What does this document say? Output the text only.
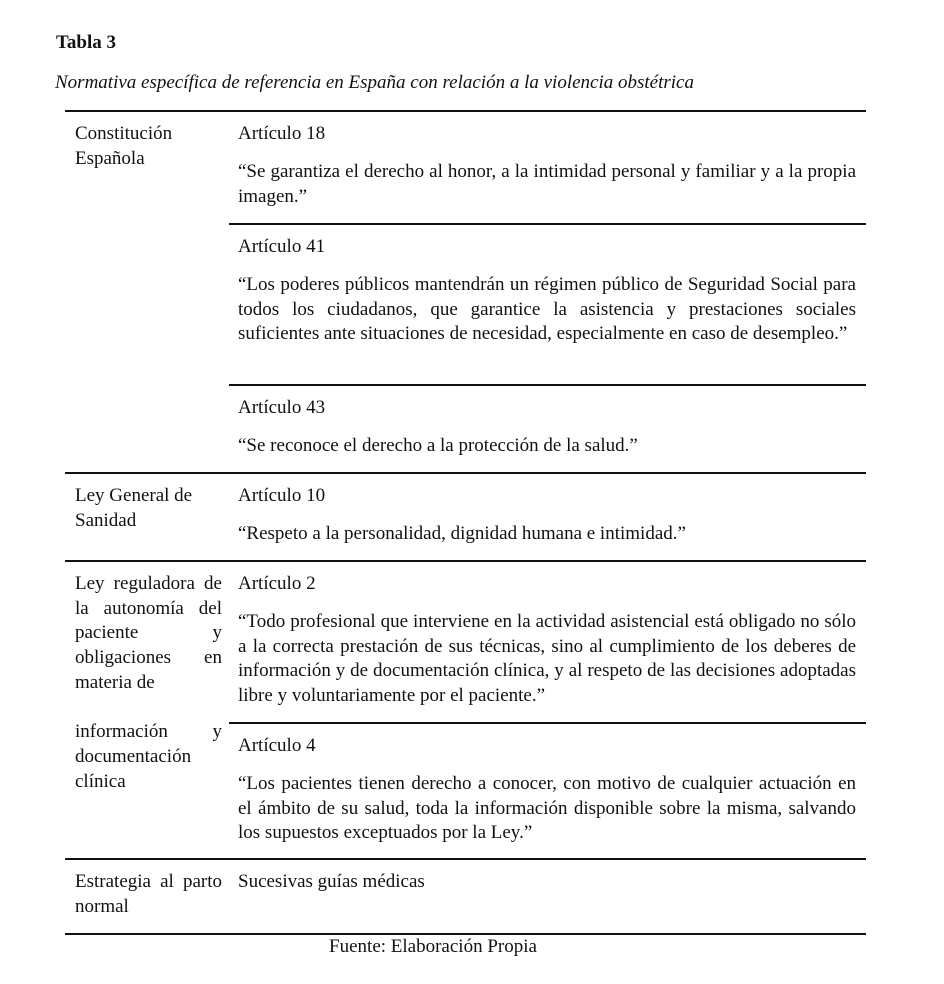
Tabla 3
Normativa específica de referencia en España con relación a la violencia obstétrica
Constitución
Española
Artículo 18
“Se garantiza el derecho al honor, a la intimidad personal y familiar y a la propia imagen.”
Artículo 41
“Los poderes públicos mantendrán un régimen público de Seguridad Social para todos los ciudadanos, que garantice la asistencia y prestaciones sociales suficientes ante situaciones de necesidad, especialmente en caso de desempleo.”
Artículo 43
“Se reconoce el derecho a la protección de la salud.”
Ley General de
Sanidad
Artículo 10
“Respeto a la personalidad, dignidad humana e intimidad.”
Ley reguladora de la autonomía del paciente y obligaciones en materia de

información y documentación clínica
Artículo 2
“Todo profesional que interviene en la actividad asistencial está obligado no sólo a la correcta prestación de sus técnicas, sino al cumplimiento de los deberes de información y de documentación clínica, y al respeto de las decisiones adoptadas libre y voluntariamente por el paciente.”
Artículo 4
“Los pacientes tienen derecho a conocer, con motivo de cualquier actuación en el ámbito de su salud, toda la información disponible sobre la misma, salvando los supuestos exceptuados por la Ley.”
Estrategia al parto normal
Sucesivas guías médicas
Fuente: Elaboración Propia
